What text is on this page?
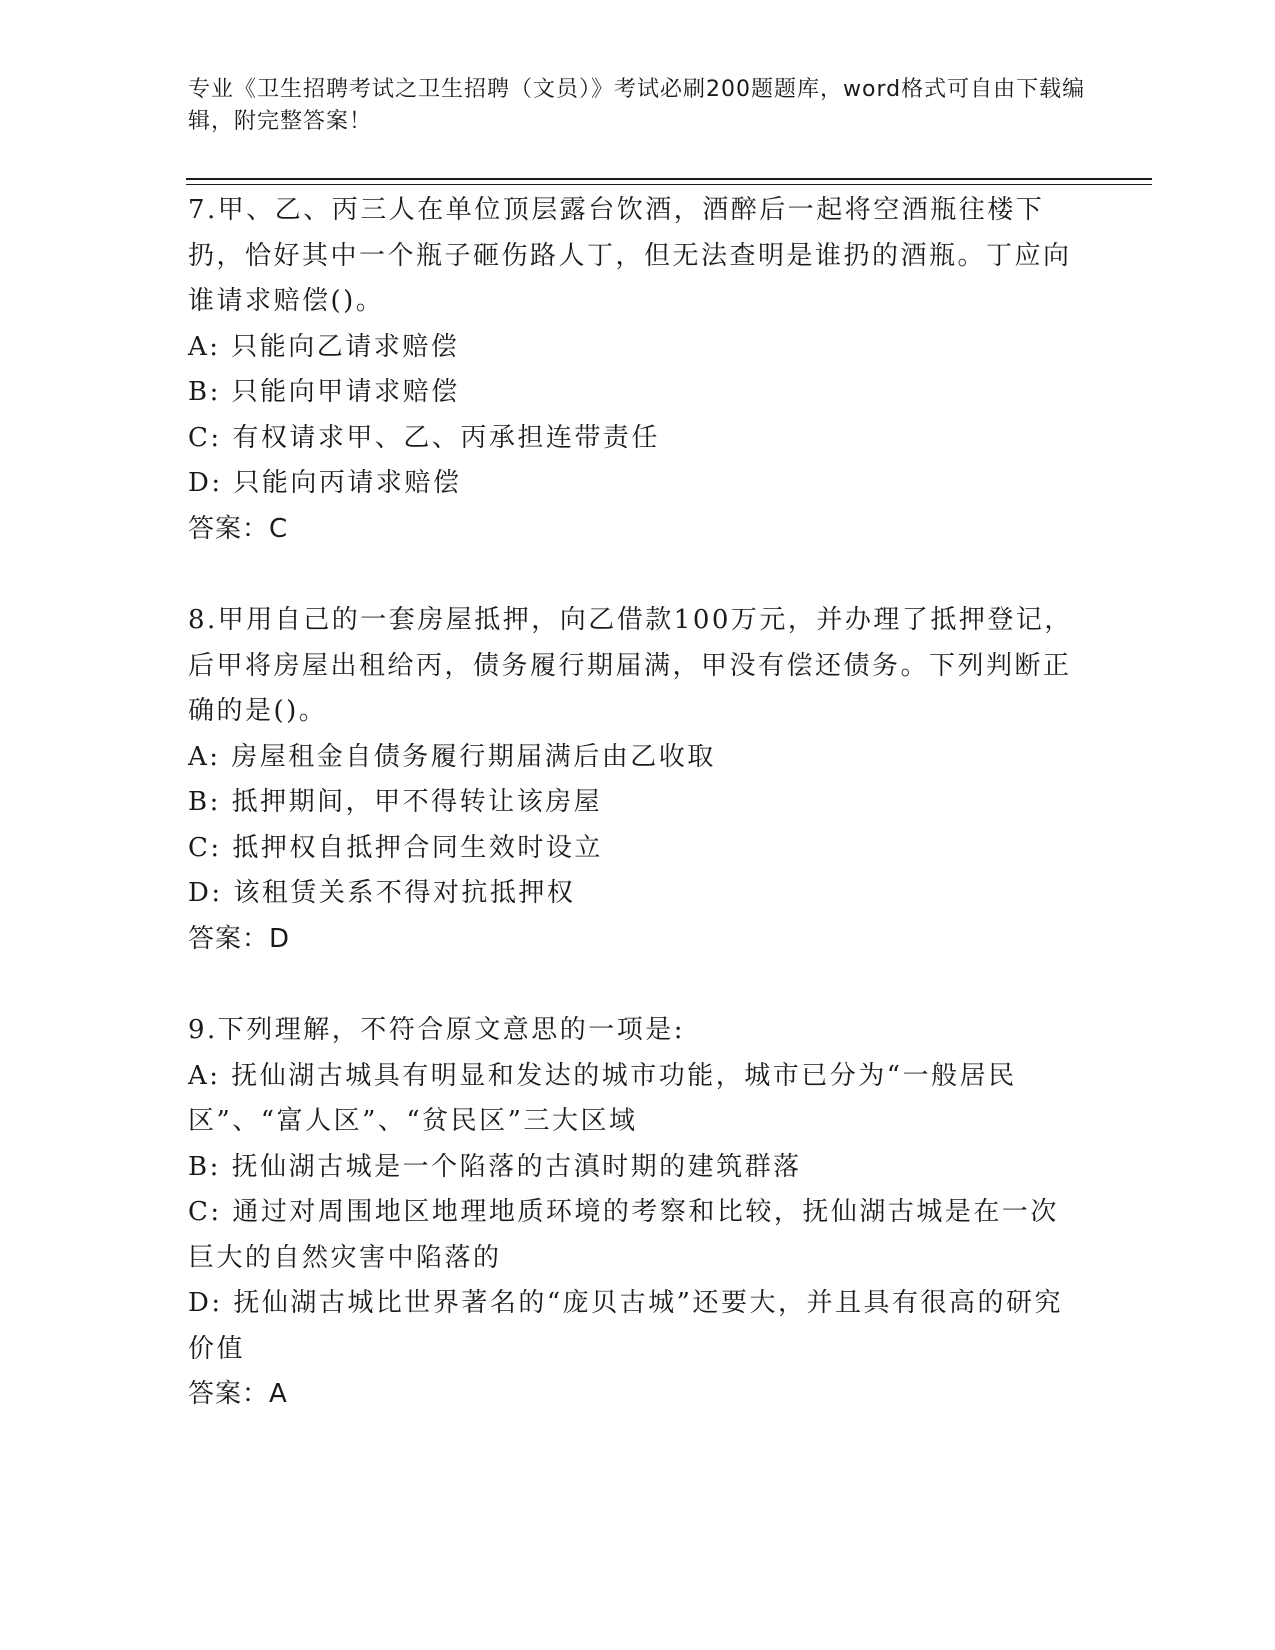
专业《卫生招聘考试之卫生招聘（文员）》考试必刷200题题库，word格式可自由下载编辑，附完整答案！

7.甲、乙、丙三人在单位顶层露台饮酒，酒醉后一起将空酒瓶往楼下扔，恰好其中一个瓶子砸伤路人丁，但无法查明是谁扔的酒瓶。丁应向谁请求赔偿()。

A: 只能向乙请求赔偿

B: 只能向甲请求赔偿

C: 有权请求甲、乙、丙承担连带责任

D: 只能向丙请求赔偿

答案：C

8.甲用自己的一套房屋抵押，向乙借款100万元，并办理了抵押登记，后甲将房屋出租给丙，债务履行期届满，甲没有偿还债务。下列判断正确的是()。

A: 房屋租金自债务履行期届满后由乙收取

B: 抵押期间，甲不得转让该房屋

C: 抵押权自抵押合同生效时设立

D: 该租赁关系不得对抗抵押权

答案：D

9.下列理解，不符合原文意思的一项是:

A: 抚仙湖古城具有明显和发达的城市功能，城市已分为“一般居民区”、“富人区”、“贫民区”三大区域

B: 抚仙湖古城是一个陷落的古滇时期的建筑群落

C: 通过对周围地区地理地质环境的考察和比较，抚仙湖古城是在一次巨大的自然灾害中陷落的

D: 抚仙湖古城比世界著名的“庞贝古城”还要大，并且具有很高的研究价值

答案：A
